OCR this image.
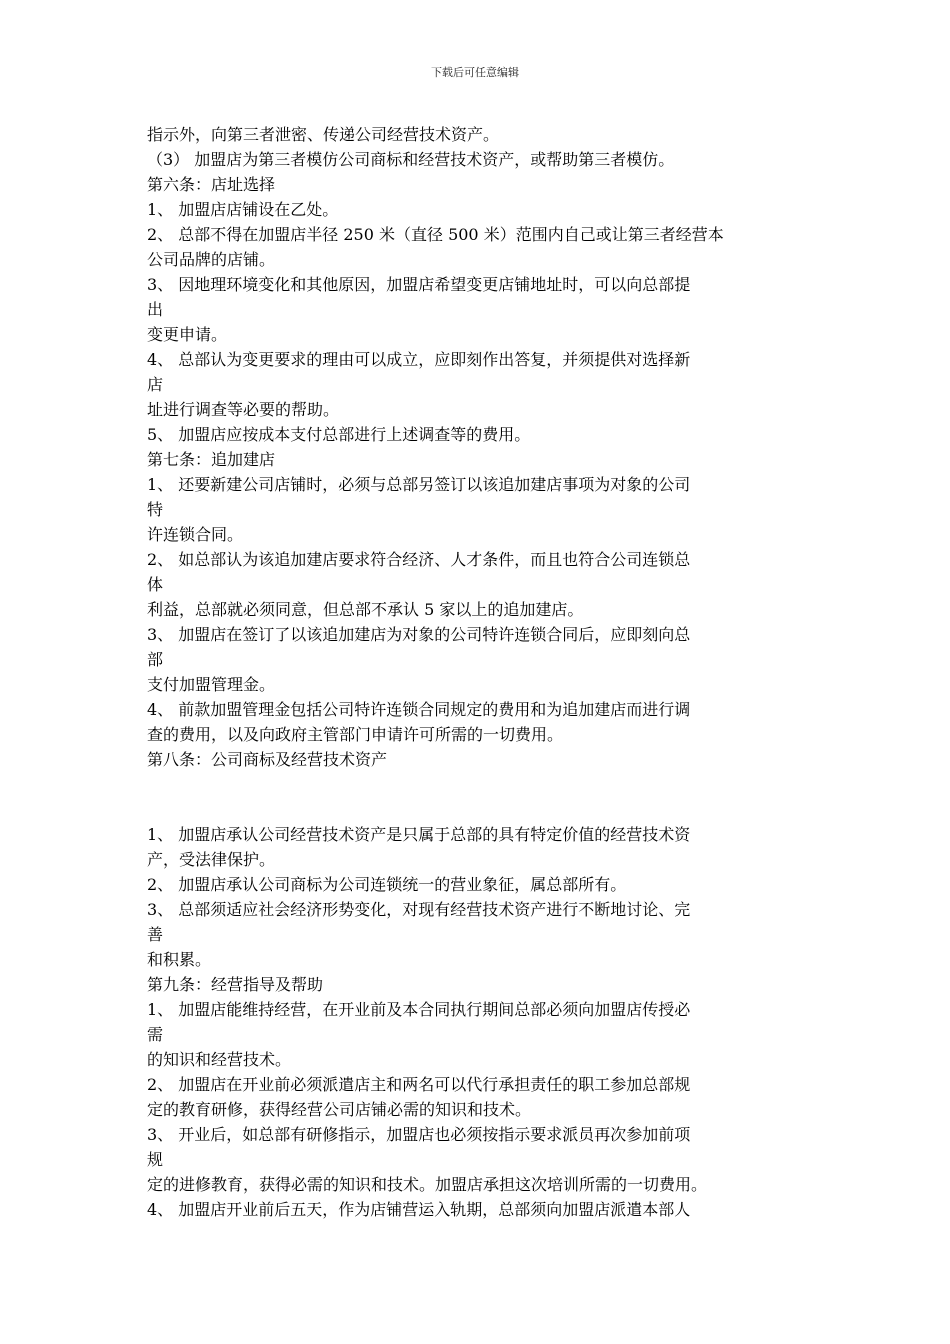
下载后可任意编辑
指示外，向第三者泄密、传递公司经营技术资产。
（3） 加盟店为第三者模仿公司商标和经营技术资产，或帮助第三者模仿。
第六条：店址选择
1、 加盟店店铺设在乙处。
2、 总部不得在加盟店半径 250 米（直径 500 米）范围内自己或让第三者经营本
公司品牌的店铺。
3、 因地理环境变化和其他原因，加盟店希望变更店铺地址时，可以向总部提
出
变更申请。
4、 总部认为变更要求的理由可以成立，应即刻作出答复，并须提供对选择新
店
址进行调查等必要的帮助。
5、 加盟店应按成本支付总部进行上述调查等的费用。
第七条：追加建店
1、 还要新建公司店铺时，必须与总部另签订以该追加建店事项为对象的公司
特
许连锁合同。
2、 如总部认为该追加建店要求符合经济、人才条件，而且也符合公司连锁总
体
利益，总部就必须同意，但总部不承认 5 家以上的追加建店。
3、 加盟店在签订了以该追加建店为对象的公司特许连锁合同后，应即刻向总
部
支付加盟管理金。
4、 前款加盟管理金包括公司特许连锁合同规定的费用和为追加建店而进行调
查的费用，以及向政府主管部门申请许可所需的一切费用。
第八条：公司商标及经营技术资产
1、 加盟店承认公司经营技术资产是只属于总部的具有特定价值的经营技术资
产，受法律保护。
2、 加盟店承认公司商标为公司连锁统一的营业象征，属总部所有。
3、 总部须适应社会经济形势变化，对现有经营技术资产进行不断地讨论、完
善
和积累。
第九条：经营指导及帮助
1、 加盟店能维持经营，在开业前及本合同执行期间总部必须向加盟店传授必
需
的知识和经营技术。
2、 加盟店在开业前必须派遣店主和两名可以代行承担责任的职工参加总部规
定的教育研修，获得经营公司店铺必需的知识和技术。
3、 开业后，如总部有研修指示，加盟店也必须按指示要求派员再次参加前项
规
定的进修教育，获得必需的知识和技术。加盟店承担这次培训所需的一切费用。
4、 加盟店开业前后五天，作为店铺营运入轨期，总部须向加盟店派遣本部人
